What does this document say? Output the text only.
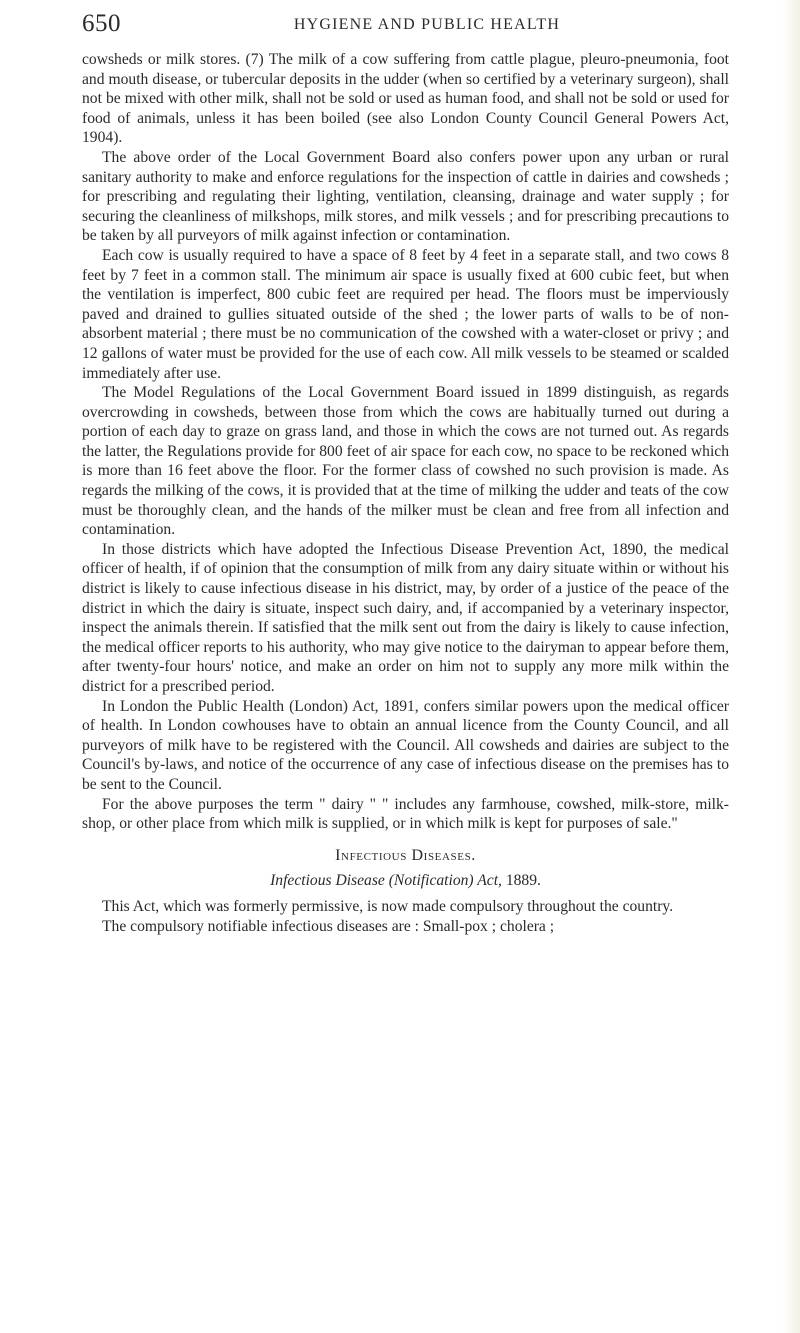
650	HYGIENE AND PUBLIC HEALTH

cowsheds or milk stores. (7) The milk of a cow suffering from cattle plague, pleuro-pneumonia, foot and mouth disease, or tubercular deposits in the udder (when so certified by a veterinary surgeon), shall not be mixed with other milk, shall not be sold or used as human food, and shall not be sold or used for food of animals, unless it has been boiled (see also London County Council General Powers Act, 1904).

The above order of the Local Government Board also confers power upon any urban or rural sanitary authority to make and enforce regulations for the inspection of cattle in dairies and cowsheds ; for prescribing and regulating their lighting, ventilation, cleansing, drainage and water supply ; for securing the cleanliness of milkshops, milk stores, and milk vessels ; and for prescribing precautions to be taken by all purveyors of milk against infection or contamination.

Each cow is usually required to have a space of 8 feet by 4 feet in a separate stall, and two cows 8 feet by 7 feet in a common stall. The minimum air space is usually fixed at 600 cubic feet, but when the ventilation is imperfect, 800 cubic feet are required per head. The floors must be imperviously paved and drained to gullies situated outside of the shed ; the lower parts of walls to be of non-absorbent material ; there must be no communication of the cowshed with a water-closet or privy ; and 12 gallons of water must be provided for the use of each cow. All milk vessels to be steamed or scalded immediately after use.

The Model Regulations of the Local Government Board issued in 1899 distinguish, as regards overcrowding in cowsheds, between those from which the cows are habitually turned out during a portion of each day to graze on grass land, and those in which the cows are not turned out. As regards the latter, the Regulations provide for 800 feet of air space for each cow, no space to be reckoned which is more than 16 feet above the floor. For the former class of cowshed no such provision is made. As regards the milking of the cows, it is provided that at the time of milking the udder and teats of the cow must be thoroughly clean, and the hands of the milker must be clean and free from all infection and contamination.

In those districts which have adopted the Infectious Disease Prevention Act, 1890, the medical officer of health, if of opinion that the consumption of milk from any dairy situate within or without his district is likely to cause infectious disease in his district, may, by order of a justice of the peace of the district in which the dairy is situate, inspect such dairy, and, if accompanied by a veterinary inspector, inspect the animals therein. If satisfied that the milk sent out from the dairy is likely to cause infection, the medical officer reports to his authority, who may give notice to the dairyman to appear before them, after twenty-four hours' notice, and make an order on him not to supply any more milk within the district for a prescribed period.

In London the Public Health (London) Act, 1891, confers similar powers upon the medical officer of health. In London cowhouses have to obtain an annual licence from the County Council, and all purveyors of milk have to be registered with the Council. All cowsheds and dairies are subject to the Council's by-laws, and notice of the occurrence of any case of infectious disease on the premises has to be sent to the Council.

For the above purposes the term " dairy " " includes any farmhouse, cowshed, milk-store, milk-shop, or other place from which milk is supplied, or in which milk is kept for purposes of sale."

Infectious Diseases.
Infectious Disease (Notification) Act, 1889.

This Act, which was formerly permissive, is now made compulsory throughout the country.

The compulsory notifiable infectious diseases are : Small-pox ; cholera ;
